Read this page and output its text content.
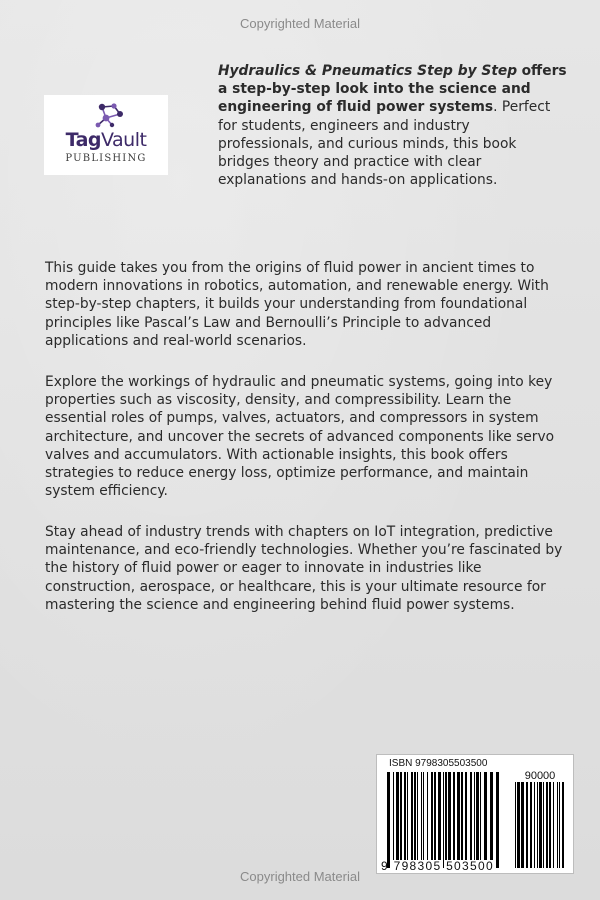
Copyrighted Material
TagVault
PUBLISHING

Hydraulics & Pneumatics Step by Step offers a step-by-step look into the science and engineering of fluid power systems. Perfect for students, engineers and industry professionals, and curious minds, this book bridges theory and practice with clear explanations and hands-on applications.

This guide takes you from the origins of fluid power in ancient times to modern innovations in robotics, automation, and renewable energy. With step-by-step chapters, it builds your understanding from foundational principles like Pascal’s Law and Bernoulli’s Principle to advanced applications and real-world scenarios.

Explore the workings of hydraulic and pneumatic systems, going into key properties such as viscosity, density, and compressibility. Learn the essential roles of pumps, valves, actuators, and compressors in system architecture, and uncover the secrets of advanced components like servo valves and accumulators. With actionable insights, this book offers strategies to reduce energy loss, optimize performance, and maintain system efficiency.

Stay ahead of industry trends with chapters on IoT integration, predictive maintenance, and eco-friendly technologies. Whether you’re fascinated by the history of fluid power or eager to innovate in industries like construction, aerospace, or healthcare, this is your ultimate resource for mastering the science and engineering behind fluid power systems.

ISBN 9798305503500
90000
9 798305 503500
Copyrighted Material
